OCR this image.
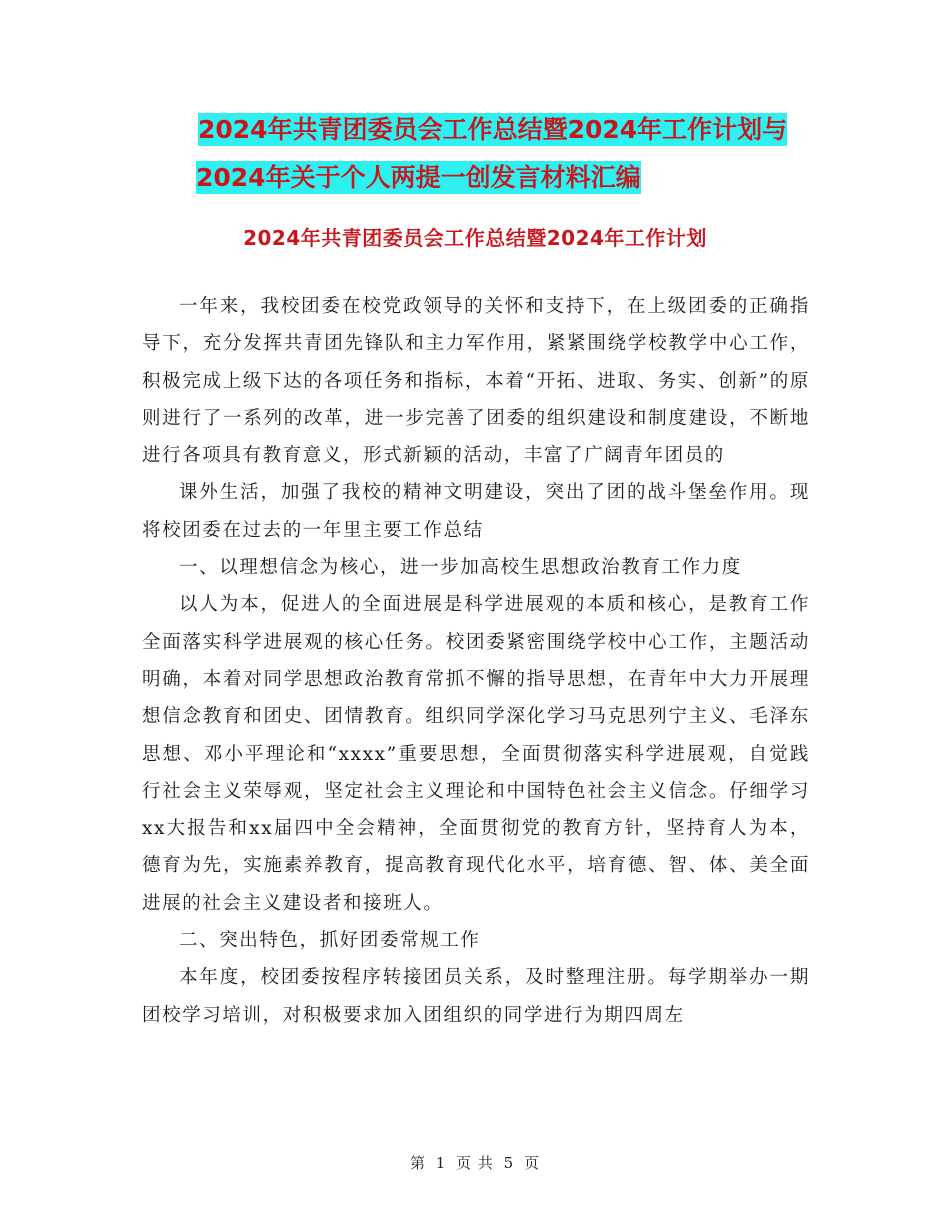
2024年共青团委员会工作总结暨2024年工作计划与
2024年关于个人两提一创发言材料汇编
2024年共青团委员会工作总结暨2024年工作计划

一年来，我校团委在校党政领导的关怀和支持下，在上级团委的正确指导下，充分发挥共青团先锋队和主力军作用，紧紧围绕学校教学中心工作，积极完成上级下达的各项任务和指标，本着“开拓、进取、务实、创新”的原则进行了一系列的改革，进一步完善了团委的组织建设和制度建设，不断地进行各项具有教育意义，形式新颖的活动，丰富了广阔青年团员的

课外生活，加强了我校的精神文明建设，突出了团的战斗堡垒作用。现将校团委在过去的一年里主要工作总结

一、以理想信念为核心，进一步加高校生思想政治教育工作力度

以人为本，促进人的全面进展是科学进展观的本质和核心，是教育工作全面落实科学进展观的核心任务。校团委紧密围绕学校中心工作，主题活动明确，本着对同学思想政治教育常抓不懈的指导思想，在青年中大力开展理想信念教育和团史、团情教育。组织同学深化学习马克思列宁主义、毛泽东思想、邓小平理论和“xxxx”重要思想，全面贯彻落实科学进展观，自觉践行社会主义荣辱观，坚定社会主义理论和中国特色社会主义信念。仔细学习xx大报告和xx届四中全会精神，全面贯彻党的教育方针，坚持育人为本，德育为先，实施素养教育，提高教育现代化水平，培育德、智、体、美全面进展的社会主义建设者和接班人。

二、突出特色，抓好团委常规工作

本年度，校团委按程序转接团员关系，及时整理注册。每学期举办一期团校学习培训，对积极要求加入团组织的同学进行为期四周左

第 1 页 共 5 页
